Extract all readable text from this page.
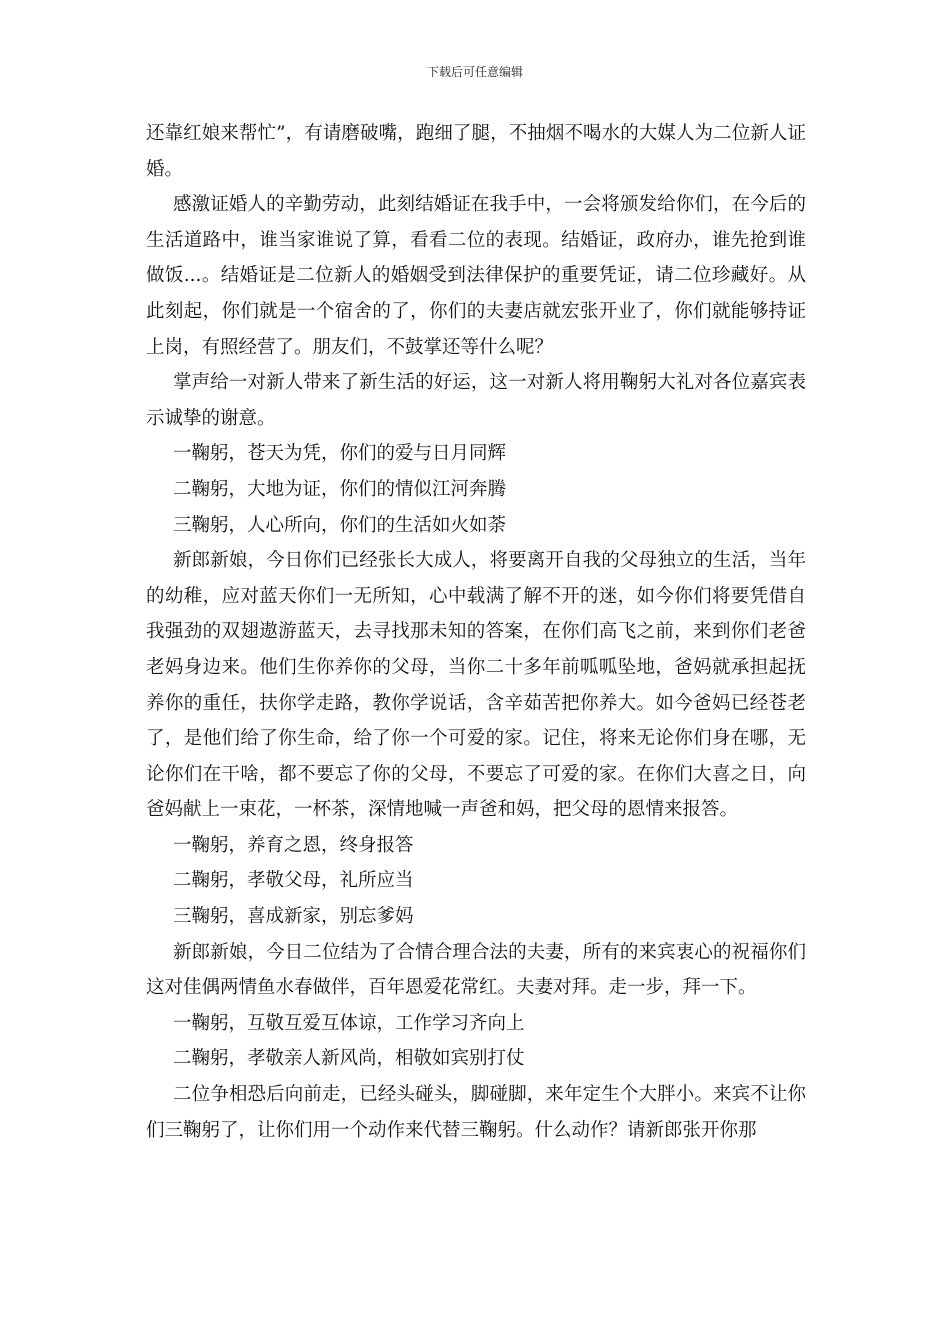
下载后可任意编辑

还靠红娘来帮忙”，有请磨破嘴，跑细了腿，不抽烟不喝水的大媒人为二位新人证婚。

感激证婚人的辛勤劳动，此刻结婚证在我手中，一会将颁发给你们，在今后的生活道路中，谁当家谁说了算，看看二位的表现。结婚证，政府办，谁先抢到谁做饭...。结婚证是二位新人的婚姻受到法律保护的重要凭证，请二位珍藏好。从此刻起，你们就是一个宿舍的了，你们的夫妻店就宏张开业了，你们就能够持证上岗，有照经营了。朋友们，不鼓掌还等什么呢？

掌声给一对新人带来了新生活的好运，这一对新人将用鞠躬大礼对各位嘉宾表示诚挚的谢意。

一鞠躬，苍天为凭，你们的爱与日月同辉

二鞠躬，大地为证，你们的情似江河奔腾

三鞠躬，人心所向，你们的生活如火如荼

新郎新娘，今日你们已经张长大成人，将要离开自我的父母独立的生活，当年的幼稚，应对蓝天你们一无所知，心中载满了解不开的迷，如今你们将要凭借自我强劲的双翅遨游蓝天，去寻找那未知的答案，在你们高飞之前，来到你们老爸老妈身边来。他们生你养你的父母，当你二十多年前呱呱坠地，爸妈就承担起抚养你的重任，扶你学走路，教你学说话，含辛茹苦把你养大。如今爸妈已经苍老了，是他们给了你生命，给了你一个可爱的家。记住，将来无论你们身在哪，无论你们在干啥，都不要忘了你的父母，不要忘了可爱的家。在你们大喜之日，向爸妈献上一束花，一杯茶，深情地喊一声爸和妈，把父母的恩情来报答。

一鞠躬，养育之恩，终身报答

二鞠躬，孝敬父母，礼所应当

三鞠躬，喜成新家，别忘爹妈

新郎新娘，今日二位结为了合情合理合法的夫妻，所有的来宾衷心的祝福你们这对佳偶两情鱼水春做伴，百年恩爱花常红。夫妻对拜。走一步，拜一下。

一鞠躬，互敬互爱互体谅，工作学习齐向上

二鞠躬，孝敬亲人新风尚，相敬如宾别打仗

二位争相恐后向前走，已经头碰头，脚碰脚，来年定生个大胖小。来宾不让你们三鞠躬了，让你们用一个动作来代替三鞠躬。什么动作？请新郎张开你那
